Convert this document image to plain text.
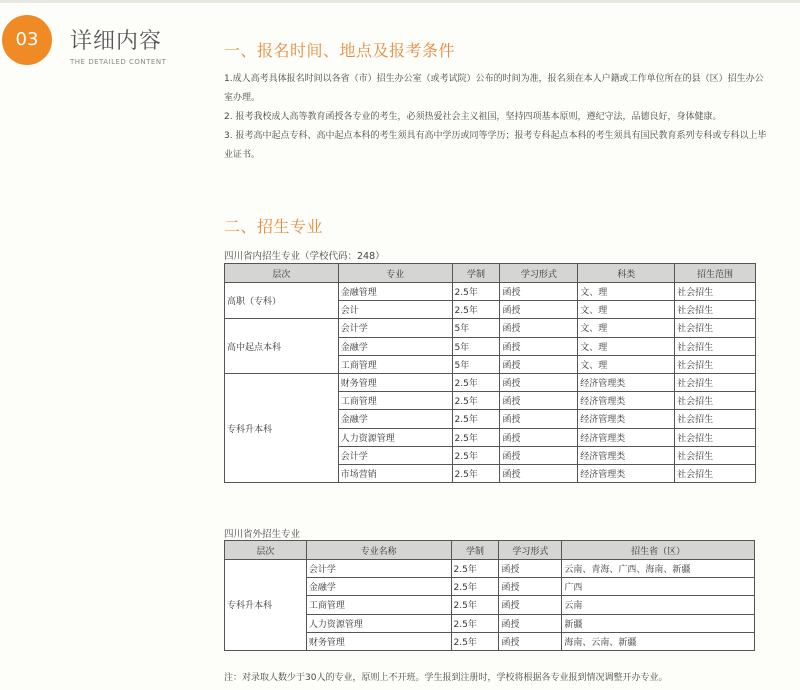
03	详细内容
THE DETAILED CONTENT
一、报名时间、地点及报考条件
1.成人高考具体报名时间以各省（市）招生办公室（或考试院）公布的时间为准，报名须在本人户籍或工作单位所在的县（区）招生办公室办理。
2. 报考我校成人高等教育函授各专业的考生，必须热爱社会主义祖国，坚持四项基本原则，遵纪守法，品德良好，身体健康。
3. 报考高中起点专科、高中起点本科的考生须具有高中学历或同等学历；报考专科起点本科的考生须具有国民教育系列专科或专科以上毕业证书。
二、招生专业
四川省内招生专业（学校代码：248）
层次	专业	学制	学习形式	科类	招生范围
高职（专科）	金融管理	2.5年	函授	文、理	社会招生
	会计	2.5年	函授	文、理	社会招生
高中起点本科	会计学	5年	函授	文、理	社会招生
	金融学	5年	函授	文、理	社会招生
	工商管理	5年	函授	文、理	社会招生
专科升本科	财务管理	2.5年	函授	经济管理类	社会招生
	工商管理	2.5年	函授	经济管理类	社会招生
	金融学	2.5年	函授	经济管理类	社会招生
	人力资源管理	2.5年	函授	经济管理类	社会招生
	会计学	2.5年	函授	经济管理类	社会招生
	市场营销	2.5年	函授	经济管理类	社会招生
四川省外招生专业
层次	专业名称	学制	学习形式	招生省（区）
专科升本科	会计学	2.5年	函授	云南、青海、广西、海南、新疆
	金融学	2.5年	函授	广西
	工商管理	2.5年	函授	云南
	人力资源管理	2.5年	函授	新疆
	财务管理	2.5年	函授	海南、云南、新疆
注：对录取人数少于30人的专业，原则上不开班。学生报到注册时，学校将根据各专业报到情况调整开办专业。
